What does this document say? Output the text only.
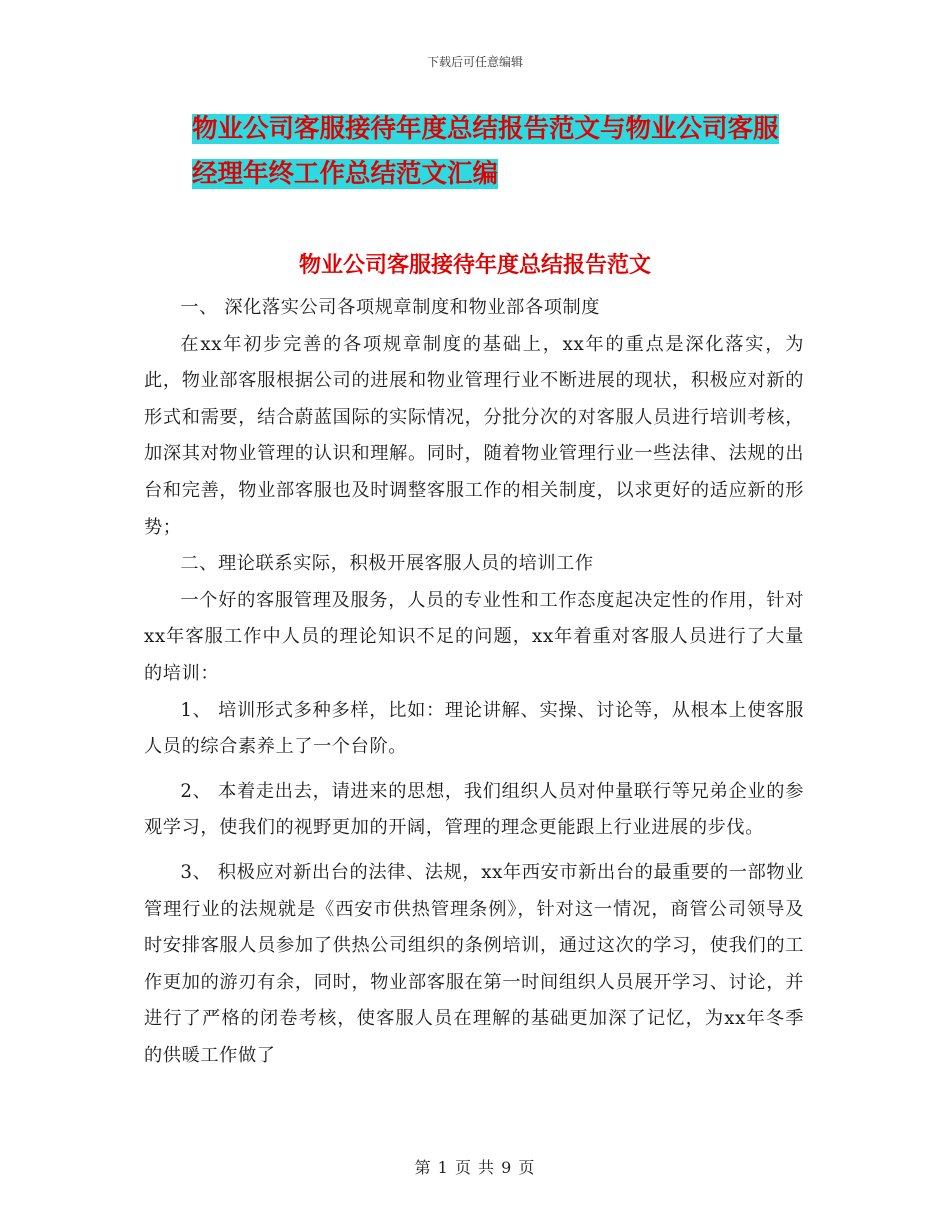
下载后可任意编辑
物业公司客服接待年度总结报告范文与物业公司客服
经理年终工作总结范文汇编
物业公司客服接待年度总结报告范文

一、 深化落实公司各项规章制度和物业部各项制度

在xx年初步完善的各项规章制度的基础上，xx年的重点是深化落实，为此，物业部客服根据公司的进展和物业管理行业不断进展的现状，积极应对新的形式和需要，结合蔚蓝国际的实际情况，分批分次的对客服人员进行培训考核，加深其对物业管理的认识和理解。同时，随着物业管理行业一些法律、法规的出台和完善，物业部客服也及时调整客服工作的相关制度，以求更好的适应新的形势；

二、理论联系实际，积极开展客服人员的培训工作

一个好的客服管理及服务，人员的专业性和工作态度起决定性的作用，针对xx年客服工作中人员的理论知识不足的问题，xx年着重对客服人员进行了大量的培训：

1、 培训形式多种多样，比如：理论讲解、实操、讨论等，从根本上使客服人员的综合素养上了一个台阶。

2、 本着走出去，请进来的思想，我们组织人员对仲量联行等兄弟企业的参观学习，使我们的视野更加的开阔，管理的理念更能跟上行业进展的步伐。

3、 积极应对新出台的法律、法规，xx年西安市新出台的最重要的一部物业管理行业的法规就是《西安市供热管理条例》，针对这一情况，商管公司领导及时安排客服人员参加了供热公司组织的条例培训，通过这次的学习，使我们的工作更加的游刃有余，同时，物业部客服在第一时间组织人员展开学习、讨论，并进行了严格的闭卷考核，使客服人员在理解的基础更加深了记忆，为xx年冬季的供暖工作做了

第 1 页 共 9 页
